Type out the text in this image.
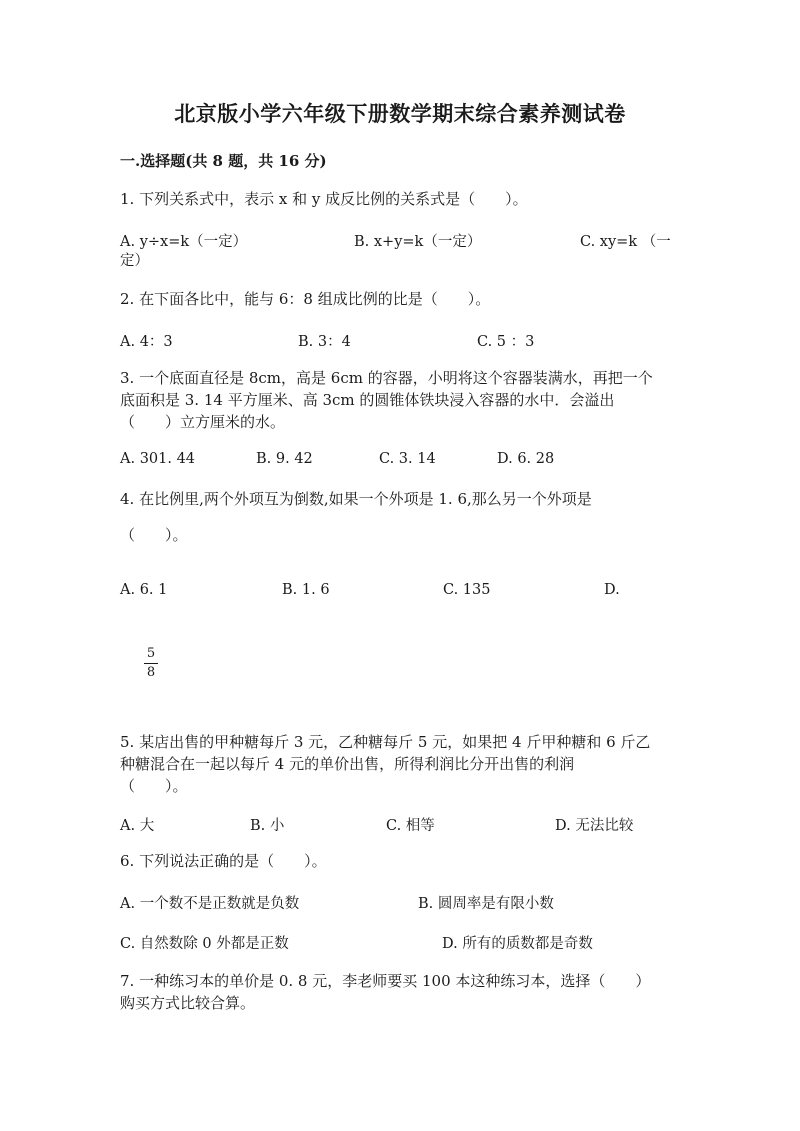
北京版小学六年级下册数学期末综合素养测试卷
一.选择题(共 8 题，共 16 分)
1. 下列关系式中，表示 x 和 y 成反比例的关系式是（　　）。
A. y÷x=k（一定）	B. x+y=k（一定）	C. xy=k （一
定）
2. 在下面各比中，能与 6：8 组成比例的比是（　　）。
A. 4：3	B. 3：4	C. 5 ：3
3. 一个底面直径是 8cm，高是 6cm 的容器，小明将这个容器装满水，再把一个
底面积是 3. 14 平方厘米、高 3cm 的圆锥体铁块浸入容器的水中．会溢出
（　　）立方厘米的水。
A. 301. 44	B. 9. 42	C. 3. 14	D. 6. 28
4. 在比例里,两个外项互为倒数,如果一个外项是 1. 6,那么另一个外项是
（　　）。
A. 6. 1	B. 1. 6	C. 135	D.
5
8
5. 某店出售的甲种糖每斤 3 元，乙种糖每斤 5 元，如果把 4 斤甲种糖和 6 斤乙
种糖混合在一起以每斤 4 元的单价出售，所得利润比分开出售的利润
（　　）。
A. 大	B. 小	C. 相等	D. 无法比较
6. 下列说法正确的是（　　）。
A. 一个数不是正数就是负数	B. 圆周率是有限小数
C. 自然数除 0 外都是正数	D. 所有的质数都是奇数
7. 一种练习本的单价是 0. 8 元，李老师要买 100 本这种练习本，选择（　　）
购买方式比较合算。
